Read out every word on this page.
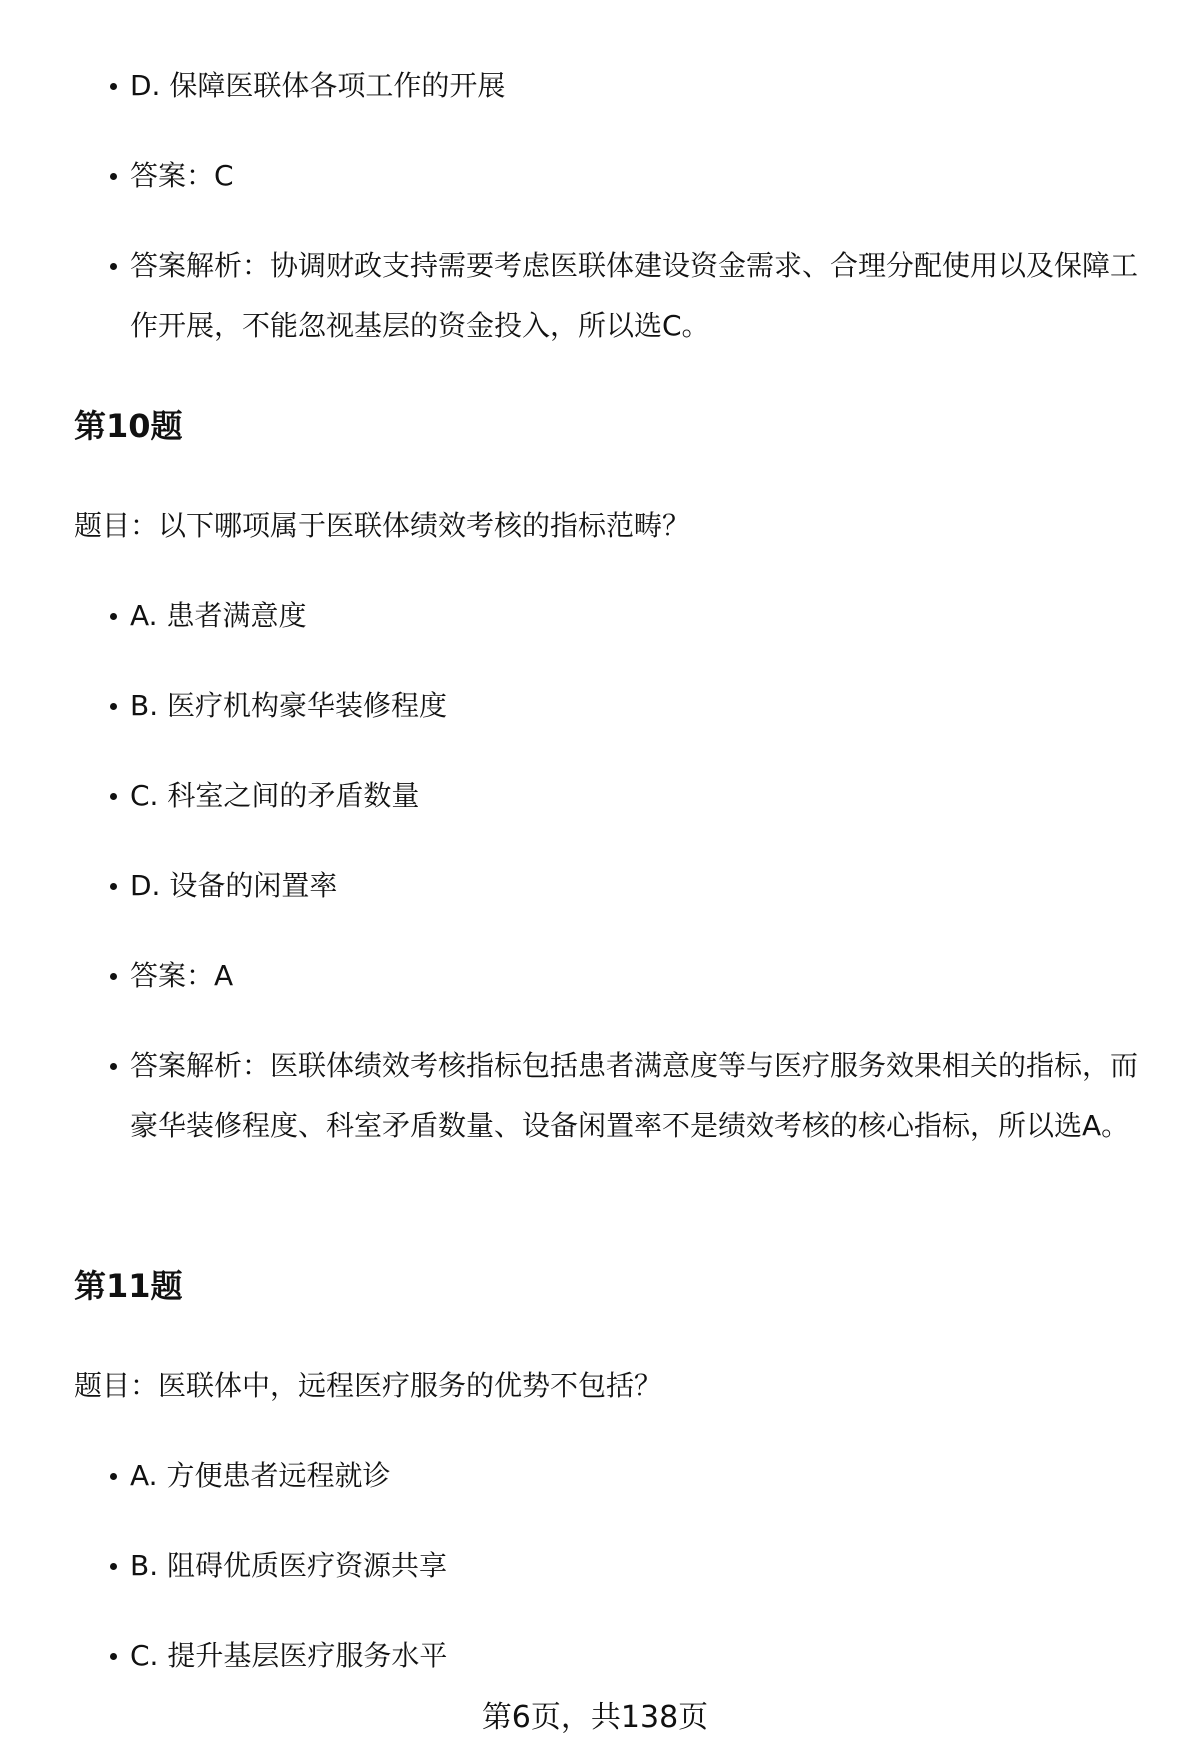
D. 保障医联体各项工作的开展
答案：C
答案解析：协调财政支持需要考虑医联体建设资金需求、合理分配使用以及保障工作开展，不能忽视基层的资金投入，所以选C。
第10题

题目：以下哪项属于医联体绩效考核的指标范畴？

A. 患者满意度
B. 医疗机构豪华装修程度
C. 科室之间的矛盾数量
D. 设备的闲置率
答案：A
答案解析：医联体绩效考核指标包括患者满意度等与医疗服务效果相关的指标，而豪华装修程度、科室矛盾数量、设备闲置率不是绩效考核的核心指标，所以选A。
第11题

题目：医联体中，远程医疗服务的优势不包括？

A. 方便患者远程就诊
B. 阻碍优质医疗资源共享
C. 提升基层医疗服务水平
第6页，共138页
